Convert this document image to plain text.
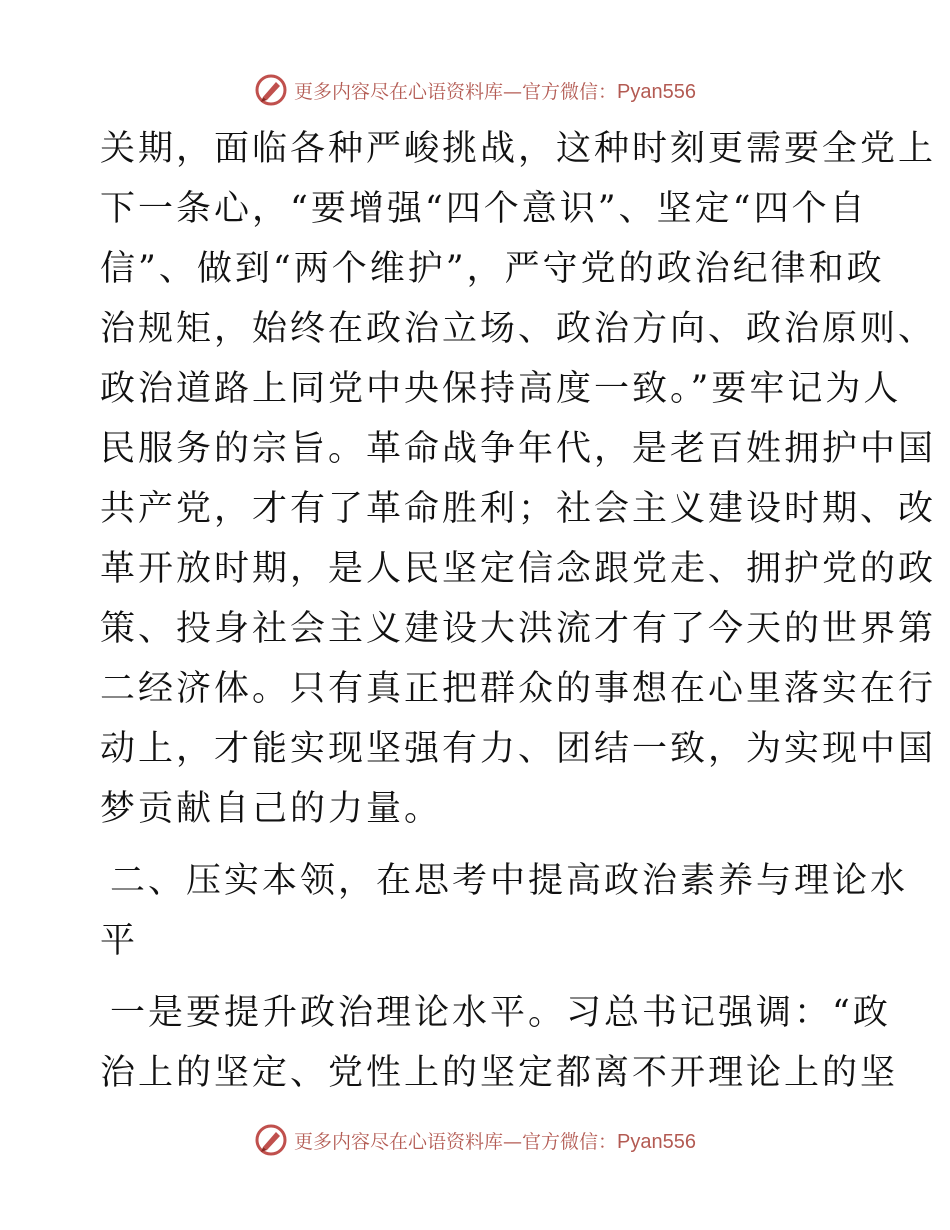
更多内容尽在心语资料库—官方微信：Pyan556
关期，面临各种严峻挑战，这种时刻更需要全党上
下一条心，“要增强“四个意识”、坚定“四个自
信”、做到“两个维护”，严守党的政治纪律和政
治规矩，始终在政治立场、政治方向、政治原则、
政治道路上同党中央保持高度一致。”要牢记为人
民服务的宗旨。革命战争年代，是老百姓拥护中国
共产党，才有了革命胜利；社会主义建设时期、改
革开放时期，是人民坚定信念跟党走、拥护党的政
策、投身社会主义建设大洪流才有了今天的世界第
二经济体。只有真正把群众的事想在心里落实在行
动上，才能实现坚强有力、团结一致，为实现中国
梦贡献自己的力量。
二、压实本领，在思考中提高政治素养与理论水
平
一是要提升政治理论水平。习总书记强调：“政
治上的坚定、党性上的坚定都离不开理论上的坚
更多内容尽在心语资料库—官方微信：Pyan556
